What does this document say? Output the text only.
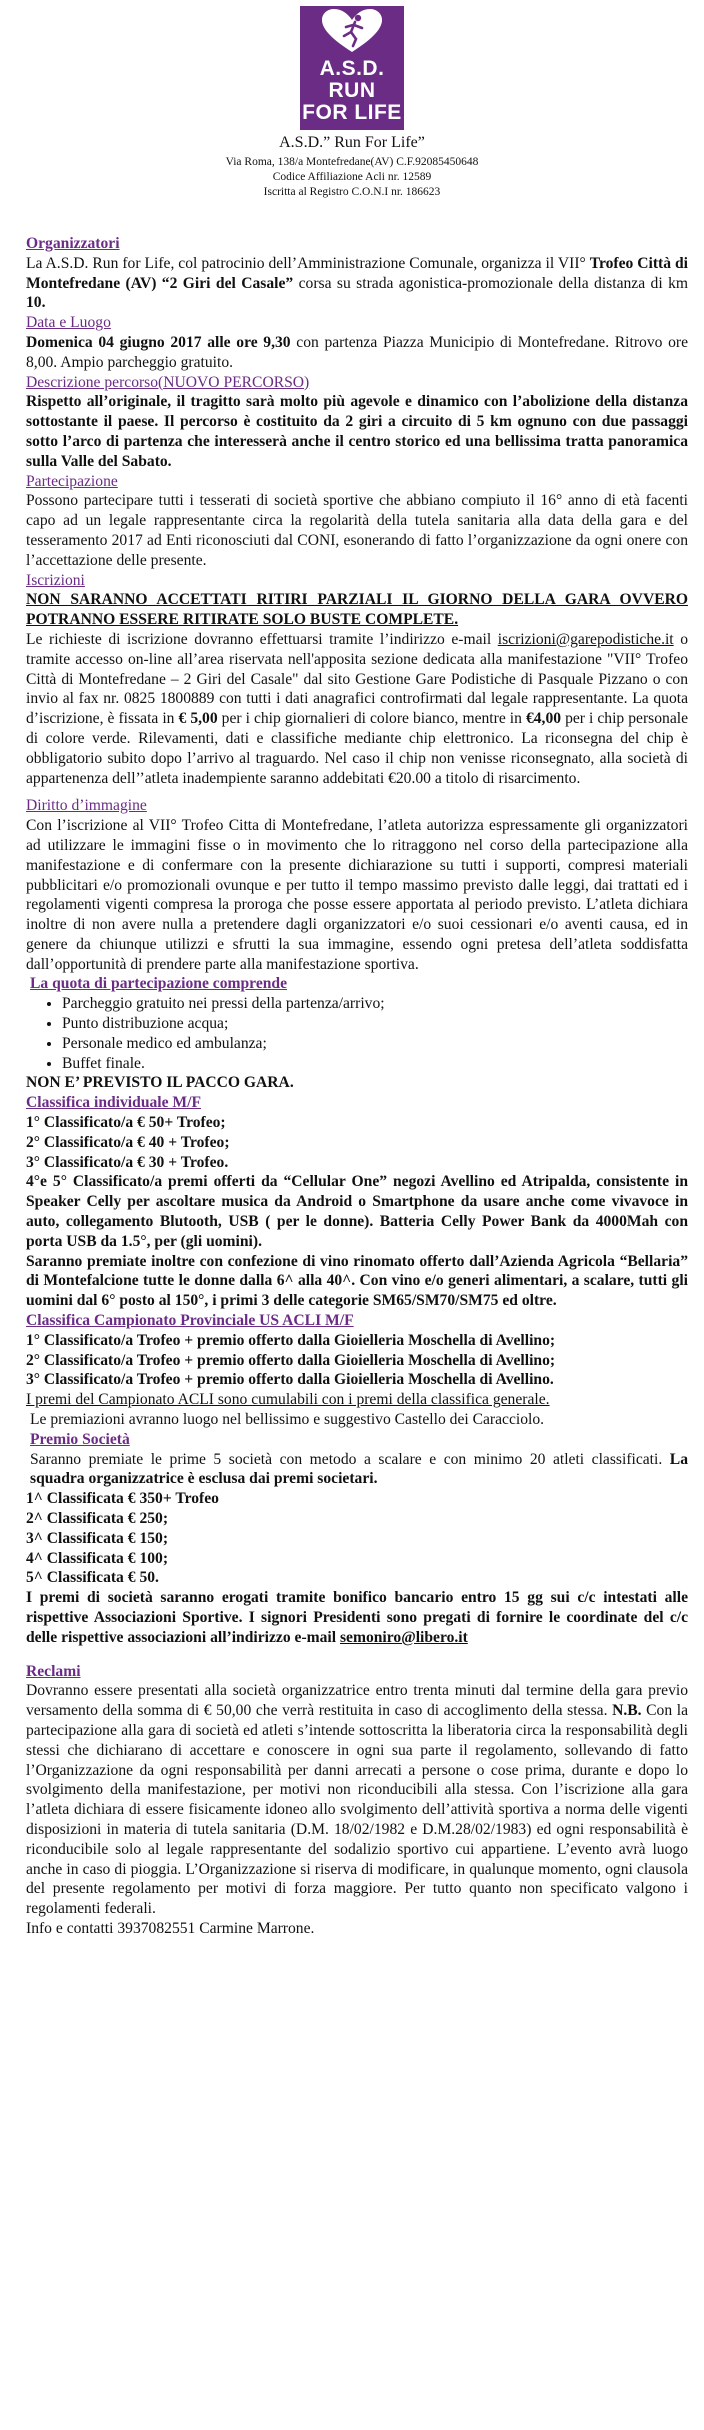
A.S.D.
RUN
FOR LIFE
A.S.D.” Run For Life”
Via Roma, 138/a Montefredane(AV) C.F.92085450648
Codice Affiliazione Acli nr. 12589
Iscritta al Registro C.O.N.I nr. 186623
Organizzatori

La A.S.D. Run for Life, col patrocinio dell’Amministrazione Comunale, organizza il VII° Trofeo Città di Montefredane (AV) “2 Giri del Casale” corsa su strada agonistica-promozionale della distanza di km 10.

Data e Luogo

Domenica 04 giugno 2017 alle ore 9,30 con partenza Piazza Municipio di Montefredane. Ritrovo ore 8,00. Ampio parcheggio gratuito.

Descrizione percorso(NUOVO PERCORSO)

Rispetto all’originale, il tragitto sarà molto più agevole e dinamico con l’abolizione della distanza sottostante il paese. Il percorso è costituito da 2 giri a circuito di 5 km ognuno con due passaggi sotto l’arco di partenza che interesserà anche il centro storico ed una bellissima tratta panoramica sulla Valle del Sabato.

Partecipazione

Possono partecipare tutti i tesserati di società sportive che abbiano compiuto il 16° anno di età facenti capo ad un legale rappresentante circa la regolarità della tutela sanitaria alla data della gara e del tesseramento 2017 ad Enti riconosciuti dal CONI, esonerando di fatto l’organizzazione da ogni onere con l’accettazione delle presente.

Iscrizioni

NON SARANNO ACCETTATI RITIRI PARZIALI IL GIORNO DELLA GARA OVVERO POTRANNO ESSERE RITIRATE SOLO BUSTE COMPLETE.

Le richieste di iscrizione dovranno effettuarsi tramite l’indirizzo e-mail iscrizioni@garepodistiche.it o tramite accesso on-line all’area riservata nell'apposita sezione dedicata alla manifestazione "VII° Trofeo Città di Montefredane – 2 Giri del Casale" dal sito Gestione Gare Podistiche di Pasquale Pizzano o con invio al fax nr. 0825 1800889 con tutti i dati anagrafici controfirmati dal legale rappresentante. La quota d’iscrizione, è fissata in € 5,00 per i chip giornalieri di colore bianco, mentre in €4,00 per i chip personale di colore verde. Rilevamenti, dati e classifiche mediante chip elettronico. La riconsegna del chip è obbligatorio subito dopo l’arrivo al traguardo. Nel caso il chip non venisse riconsegnato, alla società di appartenenza dell’’atleta inadempiente saranno addebitati €20.00 a titolo di risarcimento.

Diritto d’immagine

Con l’iscrizione al VII° Trofeo Citta di Montefredane, l’atleta autorizza espressamente gli organizzatori ad utilizzare le immagini fisse o in movimento che lo ritraggono nel corso della partecipazione alla manifestazione e di confermare con la presente dichiarazione su tutti i supporti, compresi materiali pubblicitari e/o promozionali ovunque e per tutto il tempo massimo previsto dalle leggi, dai trattati ed i regolamenti vigenti compresa la proroga che posse essere apportata al periodo previsto. L’atleta dichiara inoltre di non avere nulla a pretendere dagli organizzatori e/o suoi cessionari e/o aventi causa, ed in genere da chiunque utilizzi e sfrutti la sua immagine, essendo ogni pretesa dell’atleta soddisfatta dall’opportunità di prendere parte alla manifestazione sportiva.

La quota di partecipazione comprende
• Parcheggio gratuito nei pressi della partenza/arrivo;
• Punto distribuzione acqua;
• Personale medico ed ambulanza;
• Buffet finale.

NON E’ PREVISTO IL PACCO GARA.

Classifica individuale M/F

1° Classificato/a € 50+ Trofeo;

2° Classificato/a € 40 + Trofeo;

3° Classificato/a € 30 + Trofeo.

4°e 5° Classificato/a premi offerti da “Cellular One” negozi Avellino ed Atripalda, consistente in Speaker Celly per ascoltare musica da Android o Smartphone da usare anche come vivavoce in auto, collegamento Blutooth, USB ( per le donne). Batteria Celly Power Bank da 4000Mah con porta USB da 1.5°, per (gli uomini).

Saranno premiate inoltre con confezione di vino rinomato offerto dall’Azienda Agricola “Bellaria” di Montefalcione tutte le donne dalla 6^ alla 40^. Con vino e/o generi alimentari, a scalare, tutti gli uomini dal 6° posto al 150°, i primi 3 delle categorie SM65/SM70/SM75 ed oltre.

Classifica Campionato Provinciale US ACLI M/F

1° Classificato/a Trofeo + premio offerto dalla Gioielleria Moschella di Avellino;

2° Classificato/a Trofeo + premio offerto dalla Gioielleria Moschella di Avellino;

3° Classificato/a Trofeo + premio offerto dalla Gioielleria Moschella di Avellino.

I premi del Campionato ACLI sono cumulabili con i premi della classifica generale.

Le premiazioni avranno luogo nel bellissimo e suggestivo Castello dei Caracciolo.

Premio Società

Saranno premiate le prime 5 società con metodo a scalare e con minimo 20 atleti classificati. La squadra organizzatrice è esclusa dai premi societari.

1^ Classificata € 350+ Trofeo

2^ Classificata € 250;

3^ Classificata € 150;

4^ Classificata € 100;

5^ Classificata € 50.

I premi di società saranno erogati tramite bonifico bancario entro 15 gg sui c/c intestati alle rispettive Associazioni Sportive. I signori Presidenti sono pregati di fornire le coordinate del c/c delle rispettive associazioni all’indirizzo e-mail semoniro@libero.it

Reclami

Dovranno essere presentati alla società organizzatrice entro trenta minuti dal termine della gara previo versamento della somma di € 50,00 che verrà restituita in caso di accoglimento della stessa. N.B. Con la partecipazione alla gara di società ed atleti s’intende sottoscritta la liberatoria circa la responsabilità degli stessi che dichiarano di accettare e conoscere in ogni sua parte il regolamento, sollevando di fatto l’Organizzazione da ogni responsabilità per danni arrecati a persone o cose prima, durante e dopo lo svolgimento della manifestazione, per motivi non riconducibili alla stessa. Con l’iscrizione alla gara l’atleta dichiara di essere fisicamente idoneo allo svolgimento dell’attività sportiva a norma delle vigenti disposizioni in materia di tutela sanitaria (D.M. 18/02/1982 e D.M.28/02/1983) ed ogni responsabilità è riconducibile solo al legale rappresentante del sodalizio sportivo cui appartiene. L’evento avrà luogo anche in caso di pioggia. L’Organizzazione si riserva di modificare, in qualunque momento, ogni clausola del presente regolamento per motivi di forza maggiore. Per tutto quanto non specificato valgono i regolamenti federali.

Info e contatti 3937082551 Carmine Marrone.
